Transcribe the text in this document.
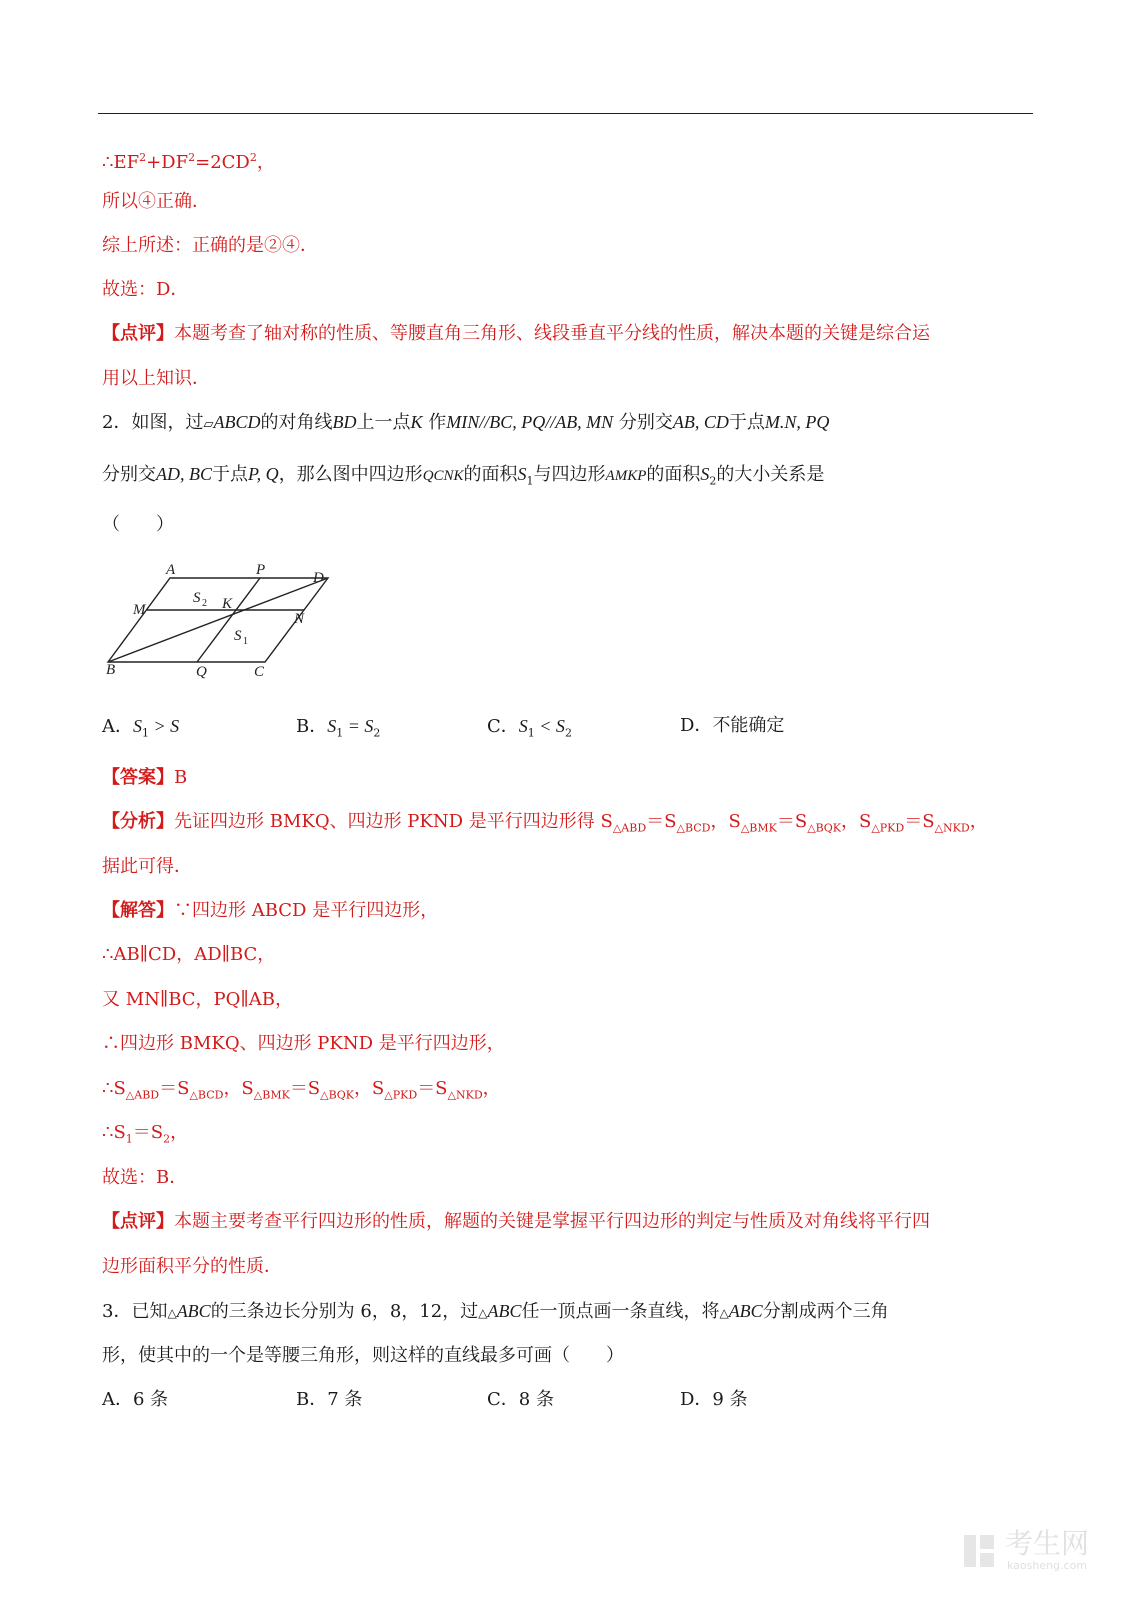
$\therefore EF^2+DF^2=2CD^2$，
所以④正确．
综上所述：正确的是②④．
故选：D．
【点评】本题考查了轴对称的性质、等腰直角三角形、线段垂直平分线的性质，解决本题的关键是综合运
用以上知识．
2．如图，过▱ABCD的对角线BD上一点K 作MIN//BC, PQ//AB, MN 分别交AB, CD于点M.N, PQ
分别交AD, BC于点P, Q，那么图中四边形QCNK的面积$S_1$与四边形AMKP的面积$S_2$的大小关系是
（　　）
A	P	D
M	K
N
B	Q	C
S 2
S 1
A．$S_1 > S$	B．$S_1 = S_2$	C．$S_1 < S_2$	D．不能确定
【答案】B
【分析】先证四边形 BMKQ、四边形 PKND 是平行四边形得 $S_{\triangle ABD}=S_{\triangle BCD}$，$S_{\triangle BMK}=S_{\triangle BQK}$，$S_{\triangle PKD}=S_{\triangle NKD}$，
据此可得．
【解答】∵四边形 ABCD 是平行四边形，
∴AB∥CD，AD∥BC，
又 MN∥BC，PQ∥AB，
∴四边形 BMKQ、四边形 PKND 是平行四边形，
$\therefore S_{\triangle ABD}=S_{\triangle BCD}$，$S_{\triangle BMK}=S_{\triangle BQK}$，$S_{\triangle PKD}=S_{\triangle NKD}$，
$\therefore S_1=S_2$，
故选：B．
【点评】本题主要考查平行四边形的性质，解题的关键是掌握平行四边形的判定与性质及对角线将平行四
边形面积平分的性质．
3．已知△ABC的三条边长分别为 6，8，12，过△ABC任一顶点画一条直线，将△ABC分割成两个三角
形，使其中的一个是等腰三角形，则这样的直线最多可画（　　）
A．6 条	B．7 条	C．8 条	D．9 条

考生网
kaosheng.com
